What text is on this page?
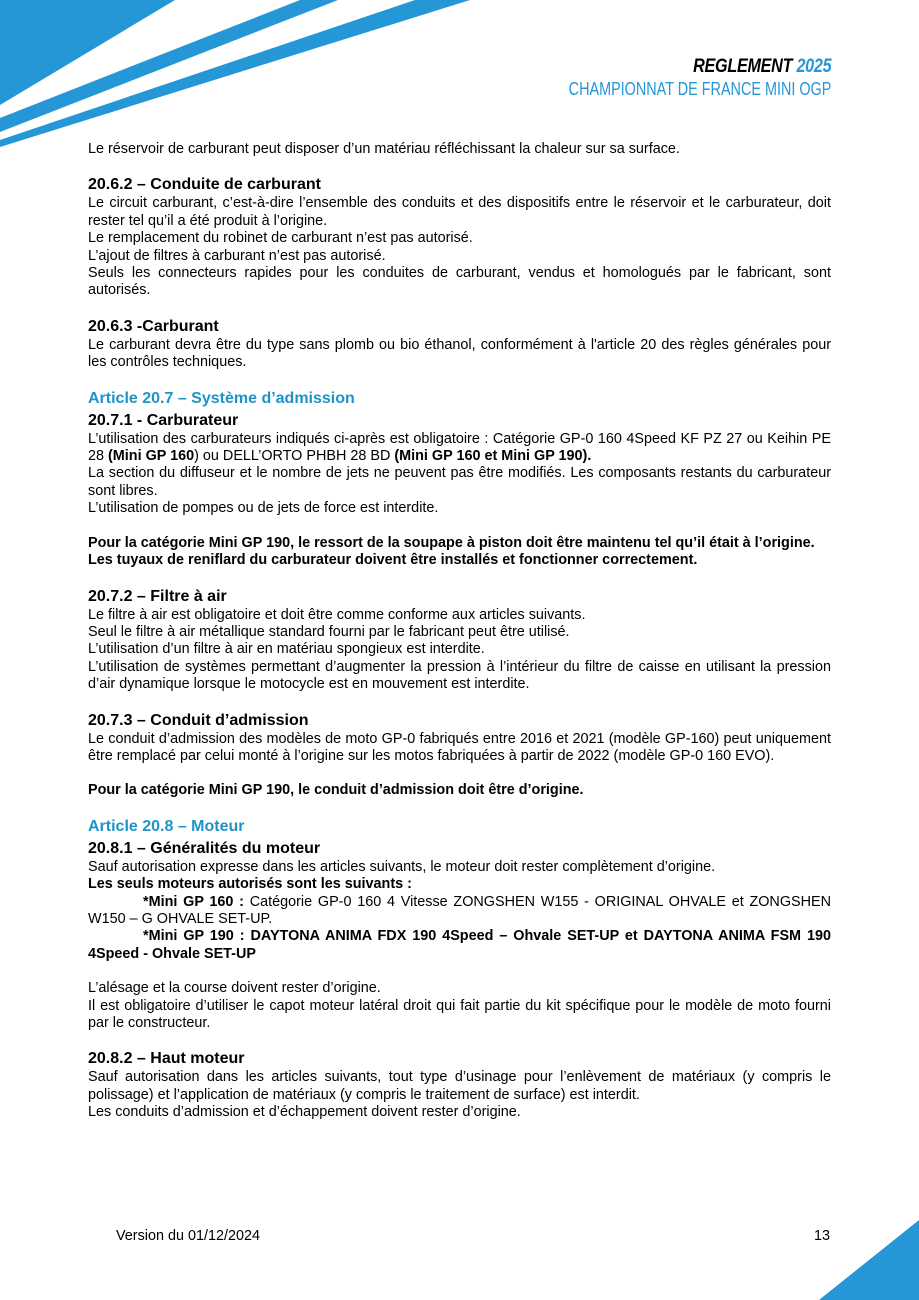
REGLEMENT 2025
CHAMPIONNAT DE FRANCE MINI OGP

Le réservoir de carburant peut disposer d’un matériau réfléchissant la chaleur sur sa surface.

20.6.2 – Conduite de carburant

Le circuit carburant, c’est-à-dire l’ensemble des conduits et des dispositifs entre le réservoir et le carburateur, doit rester tel qu’il a été produit à l’origine.

Le remplacement du robinet de carburant n’est pas autorisé.

L’ajout de filtres à carburant n’est pas autorisé.

Seuls les connecteurs rapides pour les conduites de carburant, vendus et homologués par le fabricant, sont autorisés.

20.6.3 -Carburant

Le carburant devra être du type sans plomb ou bio éthanol, conformément à l'article 20 des règles générales pour les contrôles techniques.

Article 20.7 – Système d’admission
20.7.1 - Carburateur

L’utilisation des carburateurs indiqués ci-après est obligatoire : Catégorie GP-0 160 4Speed KF PZ 27 ou Keihin PE 28 (Mini GP 160) ou DELL’ORTO PHBH 28 BD (Mini GP 160 et Mini GP 190).

La section du diffuseur et le nombre de jets ne peuvent pas être modifiés. Les composants restants du carburateur sont libres.

L’utilisation de pompes ou de jets de force est interdite.

Pour la catégorie Mini GP 190, le ressort de la soupape à piston doit être maintenu tel qu’il était à l’origine.

Les tuyaux de reniflard du carburateur doivent être installés et fonctionner correctement.

20.7.2 – Filtre à air

Le filtre à air est obligatoire et doit être comme conforme aux articles suivants.

Seul le filtre à air métallique standard fourni par le fabricant peut être utilisé.

L’utilisation d’un filtre à air en matériau spongieux est interdite.

L’utilisation de systèmes permettant d’augmenter la pression à l’intérieur du filtre de caisse en utilisant la pression d’air dynamique lorsque le motocycle est en mouvement est interdite.

20.7.3 – Conduit d’admission

Le conduit d’admission des modèles de moto GP-0 fabriqués entre 2016 et 2021 (modèle GP-160) peut uniquement être remplacé par celui monté à l’origine sur les motos fabriquées à partir de 2022 (modèle GP-0 160 EVO).

Pour la catégorie Mini GP 190, le conduit d’admission doit être d’origine.

Article 20.8 – Moteur
20.8.1 – Généralités du moteur

Sauf autorisation expresse dans les articles suivants, le moteur doit rester complètement d’origine.

Les seuls moteurs autorisés sont les suivants :

*Mini GP 160 : Catégorie GP-0 160 4 Vitesse ZONGSHEN W155 - ORIGINAL OHVALE et ZONGSHEN W150 – G OHVALE SET-UP.

*Mini GP 190 : DAYTONA ANIMA FDX 190 4Speed – Ohvale SET-UP et DAYTONA ANIMA FSM 190 4Speed - Ohvale SET-UP

L’alésage et la course doivent rester d’origine.

Il est obligatoire d’utiliser le capot moteur latéral droit qui fait partie du kit spécifique pour le modèle de moto fourni par le constructeur.

20.8.2 – Haut moteur

Sauf autorisation dans les articles suivants, tout type d’usinage pour l’enlèvement de matériaux (y compris le polissage) et l’application de matériaux (y compris le traitement de surface) est interdit.

Les conduits d’admission et d’échappement doivent rester d’origine.

Version du 01/12/2024	13
